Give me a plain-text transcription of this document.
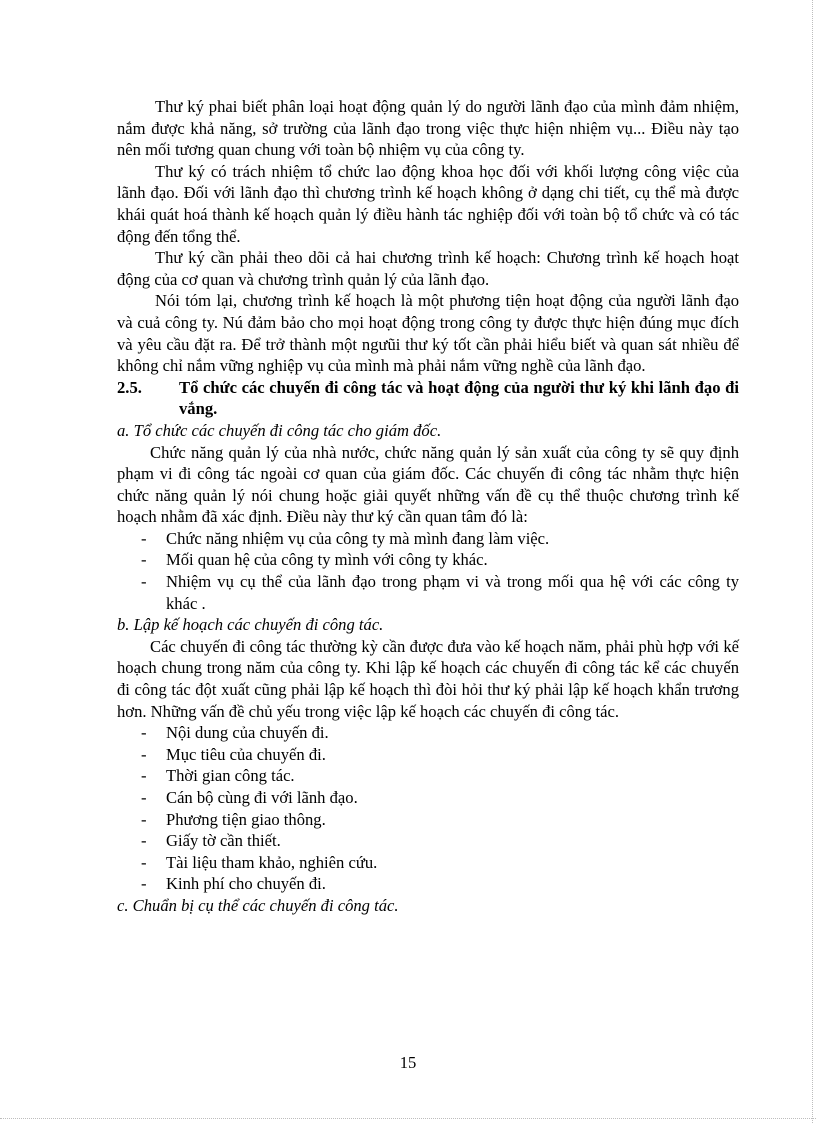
Thư ký phai biết phân loại hoạt động quản lý do người lãnh đạo của mình đảm nhiệm, nắm được khả năng, sở trường của lãnh đạo trong việc thực hiện nhiệm vụ... Điều này tạo nên mối tương quan chung với toàn bộ nhiệm vụ của công ty.

Thư ký có trách nhiệm tổ chức lao động khoa học đối với khối lượng công việc của lãnh đạo. Đối với lãnh đạo thì chương trình kế hoạch không ở dạng chi tiết, cụ thể mà được khái quát hoá thành kế hoạch quản lý điều hành tác nghiệp đối với toàn bộ tổ chức và có tác động đến tổng thể.

Thư ký cần phải theo dõi cả hai chương trình kế hoạch: Chương trình kế hoạch hoạt động của cơ quan và chương trình quản lý của lãnh đạo.

Nói tóm lại, chương trình kế hoạch là một phương tiện hoạt động của người lãnh đạo và cuả công ty. Nú đảm bảo cho mọi hoạt động trong công ty được thực hiện đúng mục đích và yêu cầu đặt ra. Để trở thành một ngưũi thư ký tốt cần phải hiểu biết và quan sát nhiều để không chỉ nắm vững nghiệp vụ của mình mà phải nắm vững nghề của lãnh đạo.

2.5.	Tổ chức các chuyến đi công tác và hoạt động của người thư ký khi lãnh đạo đi vắng.

a. Tổ chức các chuyến đi công tác cho giám đốc.

Chức năng quản lý của nhà nước, chức năng quản lý sản xuất của công ty sẽ quy định phạm vi đi công tác ngoài cơ quan của giám đốc. Các chuyến đi công tác nhằm thực hiện chức năng quản lý nói chung hoặc giải quyết những vấn đề cụ thể thuộc chương trình kế hoạch nhằm đã xác định. Điều này thư ký cần quan tâm đó là:

- Chức năng nhiệm vụ của công ty mà mình đang làm việc.
- Mối quan hệ của công ty mình với công ty khác.
- Nhiệm vụ cụ thể của lãnh đạo trong phạm vi và trong mối qua hệ với các công ty khác .

b. Lập kế hoạch các chuyến đi công tác.

Các chuyến đi công tác thường kỳ cần được đưa vào kế hoạch năm, phải phù hợp với kế hoạch chung trong năm của công ty. Khi lập kế hoạch các chuyến đi công tác kể các chuyến đi công tác đột xuất cũng phải lập kế hoạch thì đòi hỏi thư ký phải lập kế hoạch khẩn trương hơn. Những vấn đề chủ yếu trong việc lập kế hoạch các chuyến đi công tác.

- Nội dung của chuyến đi.
- Mục tiêu của chuyến đi.
- Thời gian công tác.
- Cán bộ cùng đi với lãnh đạo.
- Phương tiện giao thông.
- Giấy tờ cần thiết.
- Tài liệu tham khảo, nghiên cứu.
- Kinh phí cho chuyến đi.

c. Chuẩn bị cụ thể các chuyến đi công tác.

15
